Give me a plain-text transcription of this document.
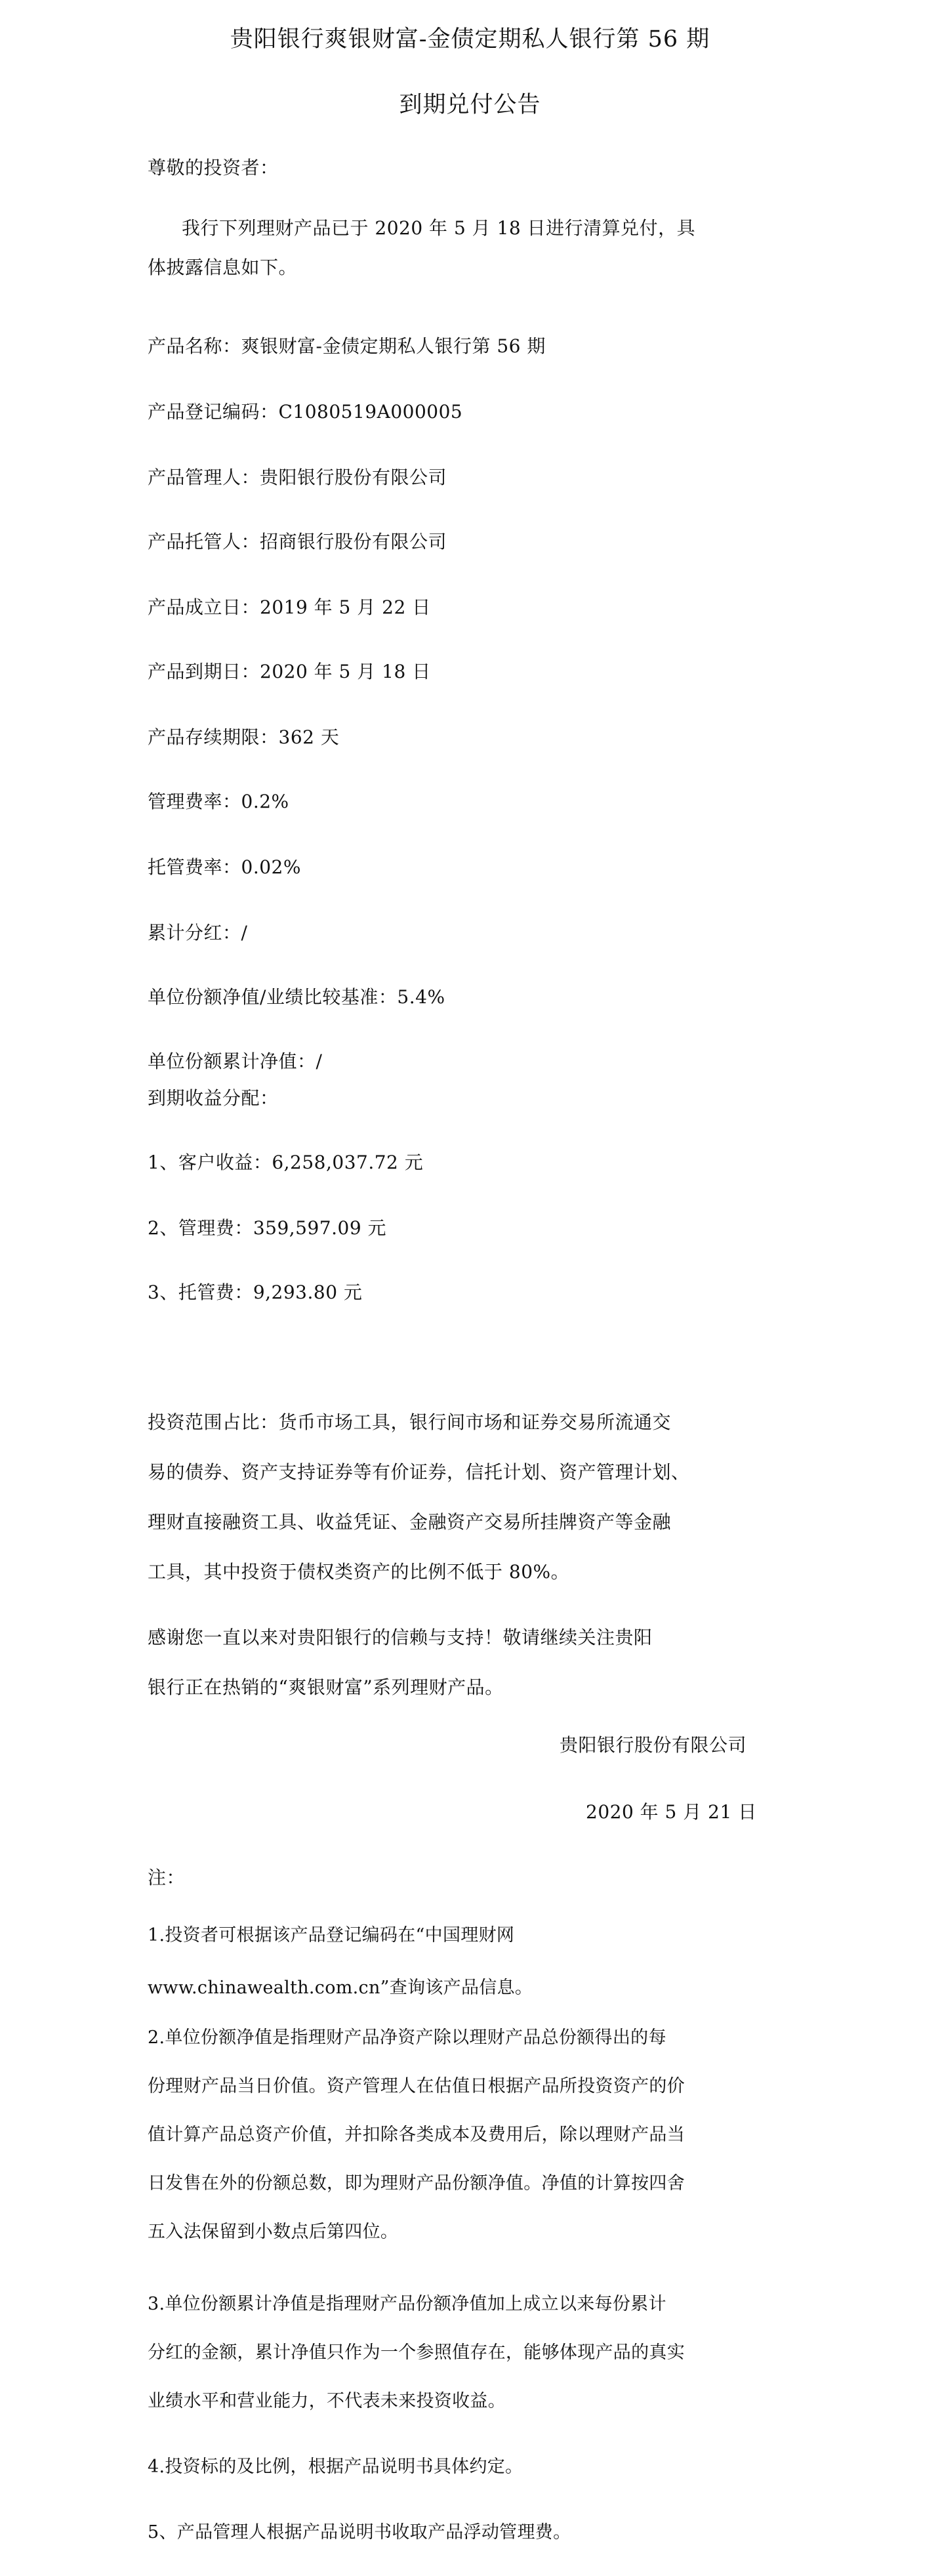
贵阳银行爽银财富-金债定期私人银行第 56 期
到期兑付公告
尊敬的投资者：
我行下列理财产品已于 2020 年 5 月 18 日进行清算兑付，具
体披露信息如下。
产品名称：爽银财富-金债定期私人银行第 56 期
产品登记编码：C1080519A000005
产品管理人：贵阳银行股份有限公司
产品托管人：招商银行股份有限公司
产品成立日：2019 年 5 月 22 日
产品到期日：2020 年 5 月 18 日
产品存续期限：362 天
管理费率：0.2%
托管费率：0.02%
累计分红：/
单位份额净值/业绩比较基准：5.4%
单位份额累计净值：/
到期收益分配：
1、客户收益：6,258,037.72 元
2、管理费：359,597.09 元
3、托管费：9,293.80 元
投资范围占比：货币市场工具，银行间市场和证券交易所流通交
易的债券、资产支持证券等有价证券，信托计划、资产管理计划、
理财直接融资工具、收益凭证、金融资产交易所挂牌资产等金融
工具，其中投资于债权类资产的比例不低于 80%。
感谢您一直以来对贵阳银行的信赖与支持！敬请继续关注贵阳
银行正在热销的“爽银财富”系列理财产品。
贵阳银行股份有限公司
2020 年 5 月 21 日
注：
1.投资者可根据该产品登记编码在“中国理财网
www.chinawealth.com.cn”查询该产品信息。
2.单位份额净值是指理财产品净资产除以理财产品总份额得出的每
份理财产品当日价值。资产管理人在估值日根据产品所投资资产的价
值计算产品总资产价值，并扣除各类成本及费用后，除以理财产品当
日发售在外的份额总数，即为理财产品份额净值。净值的计算按四舍
五入法保留到小数点后第四位。
3.单位份额累计净值是指理财产品份额净值加上成立以来每份累计
分红的金额，累计净值只作为一个参照值存在，能够体现产品的真实
业绩水平和营业能力，不代表未来投资收益。
4.投资标的及比例，根据产品说明书具体约定。
5、产品管理人根据产品说明书收取产品浮动管理费。
